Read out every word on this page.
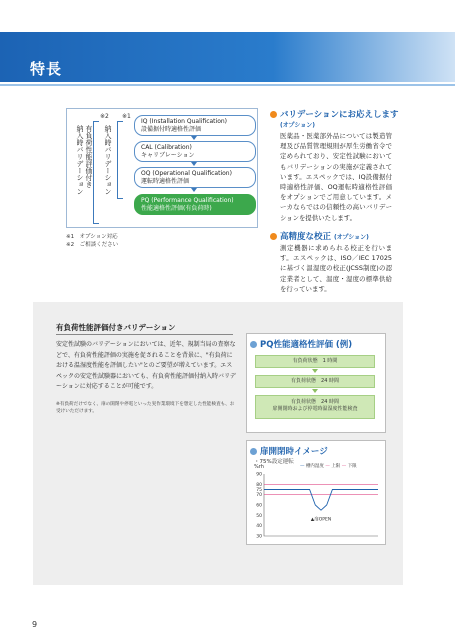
特長
※2 ※1
有負荷性能評価付き
納入時バリデーション	納入時バリデーション
IQ (Installation Qualification)
設備据付時適格性評価
CAL (Calibration)
キャリブレーション
OQ (Operational Qualification)
運転時適格性評価
PQ (Performance Qualification)
性能適格性評価(有負荷時)
※1　オプション対応
※2　ご相談ください
バリデーションにお応えします
(オプション)
医薬品・医薬部外品については製造管理及び品質管理規則が厚生労働省令で定められており、安定性試験においてもバリデーションの実施が定義されています。エスペックでは、IQ設備据付時適格性評価、OQ運転時適格性評価をオプションでご用意しています。メーカならではの信頼性の高いバリデーションを提供いたします。
高精度な校正 (オプション)
測定機器に求められる校正を行います。エスペックは、ISO／IEC 17025に基づく温湿度の校正(JCSS制度)の認定業者として、温度・湿度の標準供給を行っています。
有負荷性能評価付きバリデーション
安定性試験のバリデーションにおいては、近年、規制当局の査察などで、有負荷性能評価の実施を促されることを背景に、"有負荷における温湿度性能を評価したい"とのご要望が増えています。エスペックの安定性試験器においても、有負荷性能評価付納入時バリデーションに対応することが可能です。
※有負荷だけでなく、扉の開閉や停電といった実作業環境下を想定した性能検査も、お受けいただけます。
PQ性能適格性評価 (例)
有負荷状態　1 時間
有負荷状態　24 時間
有負荷状態　24 時間
扉開閉時および停電時温湿度性能検査
扉開閉時イメージ
・75%設定運転
%rh	— 槽内湿度 — 上限 — 下限
30
40
50
60
70
75
80
90
▲扉OPEN
9
